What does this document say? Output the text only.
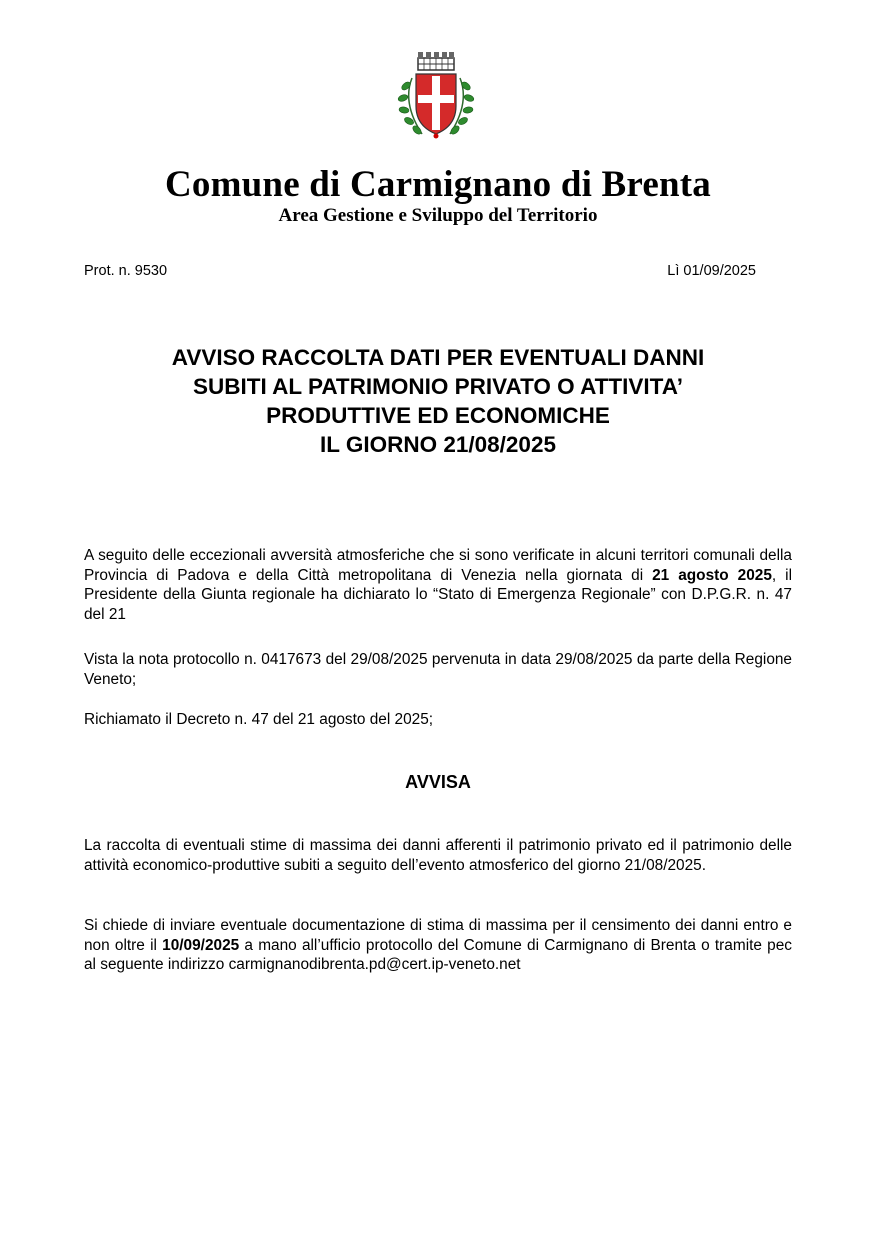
Comune di Carmignano di Brenta
Area Gestione e Sviluppo del Territorio
Prot. n. 9530	Lì 01/09/2025
AVVISO RACCOLTA DATI PER EVENTUALI DANNI
SUBITI AL PATRIMONIO PRIVATO O ATTIVITA’
PRODUTTIVE ED ECONOMICHE
IL GIORNO 21/08/2025
A seguito delle eccezionali avversità atmosferiche che si sono verificate in alcuni territori comunali della Provincia di Padova e della Città metropolitana di Venezia nella giornata di 21 agosto 2025, il Presidente della Giunta regionale ha dichiarato lo “Stato di Emergenza Regionale” con D.P.G.R. n. 47 del 21
Vista la nota protocollo n. 0417673 del 29/08/2025 pervenuta in data 29/08/2025 da parte della Regione Veneto;
Richiamato il Decreto n. 47 del 21 agosto del 2025;
AVVISA
La raccolta di eventuali stime di massima dei danni afferenti il patrimonio privato ed il patrimonio delle attività economico-produttive subiti a seguito dell’evento atmosferico del giorno 21/08/2025.
Si chiede di inviare eventuale documentazione di stima di massima per il censimento dei danni entro e non oltre il 10/09/2025 a mano all’ufficio protocollo del Comune di Carmignano di Brenta o tramite pec al seguente indirizzo carmignanodibrenta.pd@cert.ip-veneto.net
